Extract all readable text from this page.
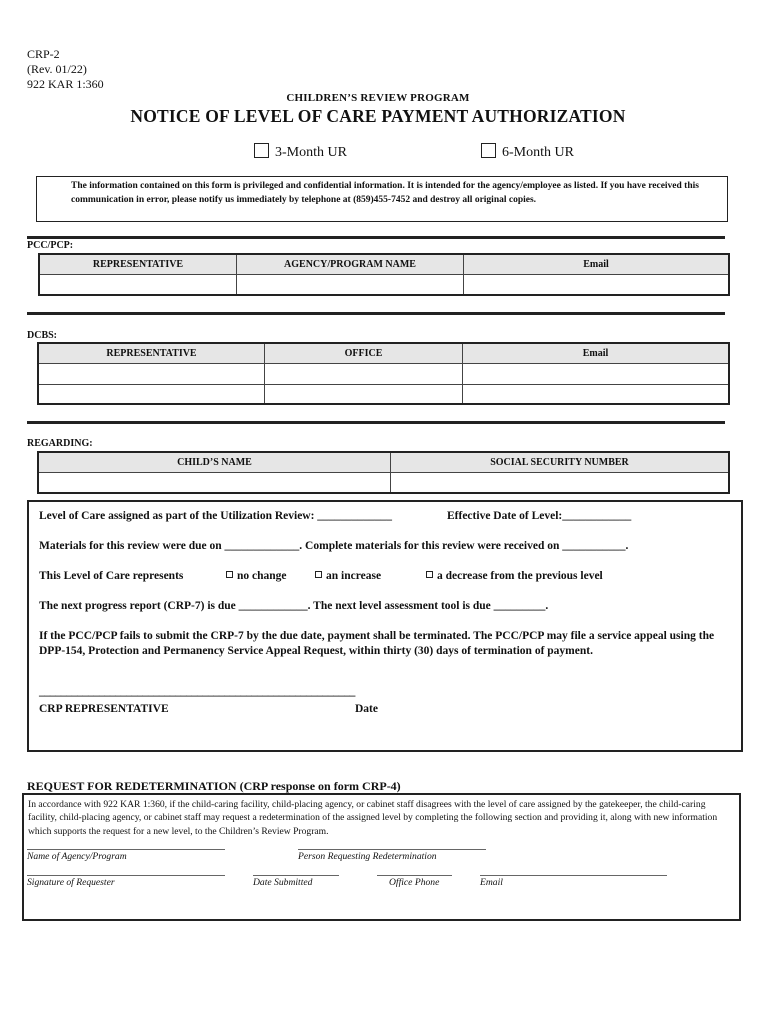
CRP-2
(Rev. 01/22)
922 KAR 1:360
CHILDREN’S REVIEW PROGRAM
NOTICE OF LEVEL OF CARE PAYMENT AUTHORIZATION
3-Month UR	6-Month UR
The information contained on this form is privileged and confidential information. It is intended for the agency/employee as listed. If you have received this communication in error, please notify us immediately by telephone at (859)455-7452 and destroy all original copies.
PCC/PCP:
REPRESENTATIVE	AGENCY/PROGRAM NAME	Email

DCBS:
REPRESENTATIVE	OFFICE	Email

REGARDING:
CHILD’S NAME	SOCIAL SECURITY NUMBER

Level of Care assigned as part of the Utilization Review: _____________	Effective Date of Level:____________
Materials for this review were due on _____________. Complete materials for this review were received on ___________.
This Level of Care represents	no change	an increase	a decrease from the previous level
The next progress report (CRP-7) is due ____________. The next level assessment tool is due _________.
If the PCC/PCP fails to submit the CRP-7 by the due date, payment shall be terminated. The PCC/PCP may file a service appeal using the DPP-154, Protection and Permanency Service Appeal Request, within thirty (30) days of termination of payment.
__________________________________________________________
CRP REPRESENTATIVE	Date
REQUEST FOR REDETERMINATION (CRP response on form CRP-4)
In accordance with 922 KAR 1:360, if the child-caring facility, child-placing agency, or cabinet staff disagrees with the level of care assigned by the gatekeeper, the child-caring facility, child-placing agency, or cabinet staff may request a redetermination of the assigned level by completing the following section and providing it, along with new information which supports the request for a new level, to the Children’s Review Program.
Name of Agency/Program	Person Requesting Redetermination
Signature of Requester	Date Submitted	Office Phone	Email
